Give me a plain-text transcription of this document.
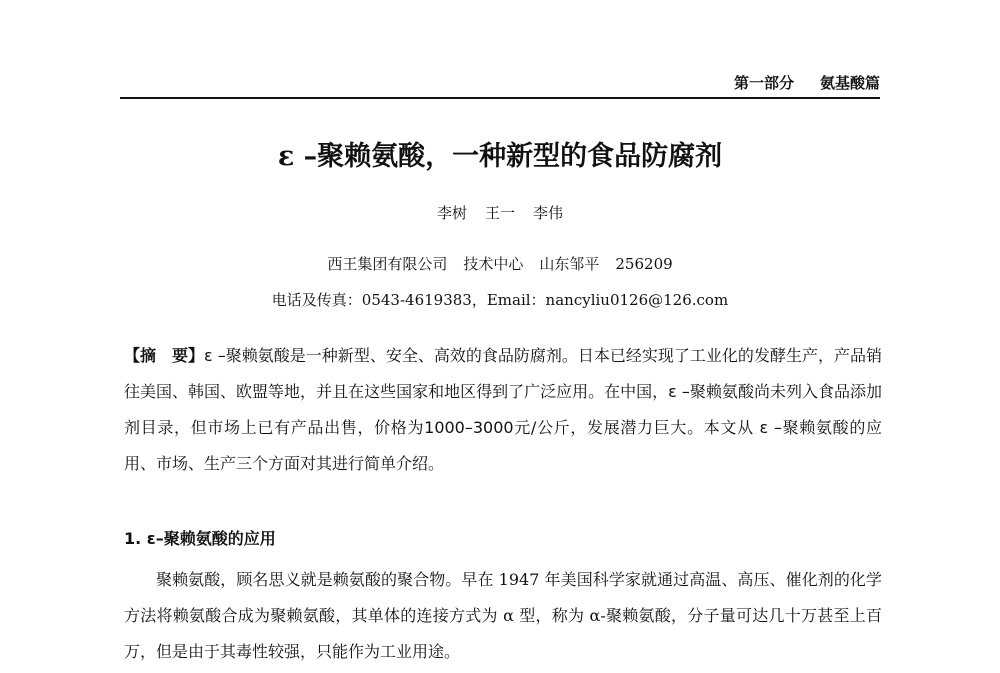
第一部分 氨基酸篇
ε –聚赖氨酸，一种新型的食品防腐剂
李树 王一 李伟
西王集团有限公司 技术中心 山东邹平 256209
电话及传真：0543-4619383，Email：nancyliu0126@126.com
【摘　要】ε –聚赖氨酸是一种新型、安全、高效的食品防腐剂。日本已经实现了工业化的发酵生产，产品销往美国、韩国、欧盟等地，并且在这些国家和地区得到了广泛应用。在中国，ε –聚赖氨酸尚未列入食品添加剂目录，但市场上已有产品出售，价格为1000–3000元/公斤，发展潜力巨大。本文从 ε –聚赖氨酸的应用、市场、生产三个方面对其进行简单介绍。
1. ε–聚赖氨酸的应用
聚赖氨酸，顾名思义就是赖氨酸的聚合物。早在 1947 年美国科学家就通过高温、高压、催化剂的化学方法将赖氨酸合成为聚赖氨酸，其单体的连接方式为 α 型，称为 α-聚赖氨酸，分子量可达几十万甚至上百万，但是由于其毒性较强，只能作为工业用途。
